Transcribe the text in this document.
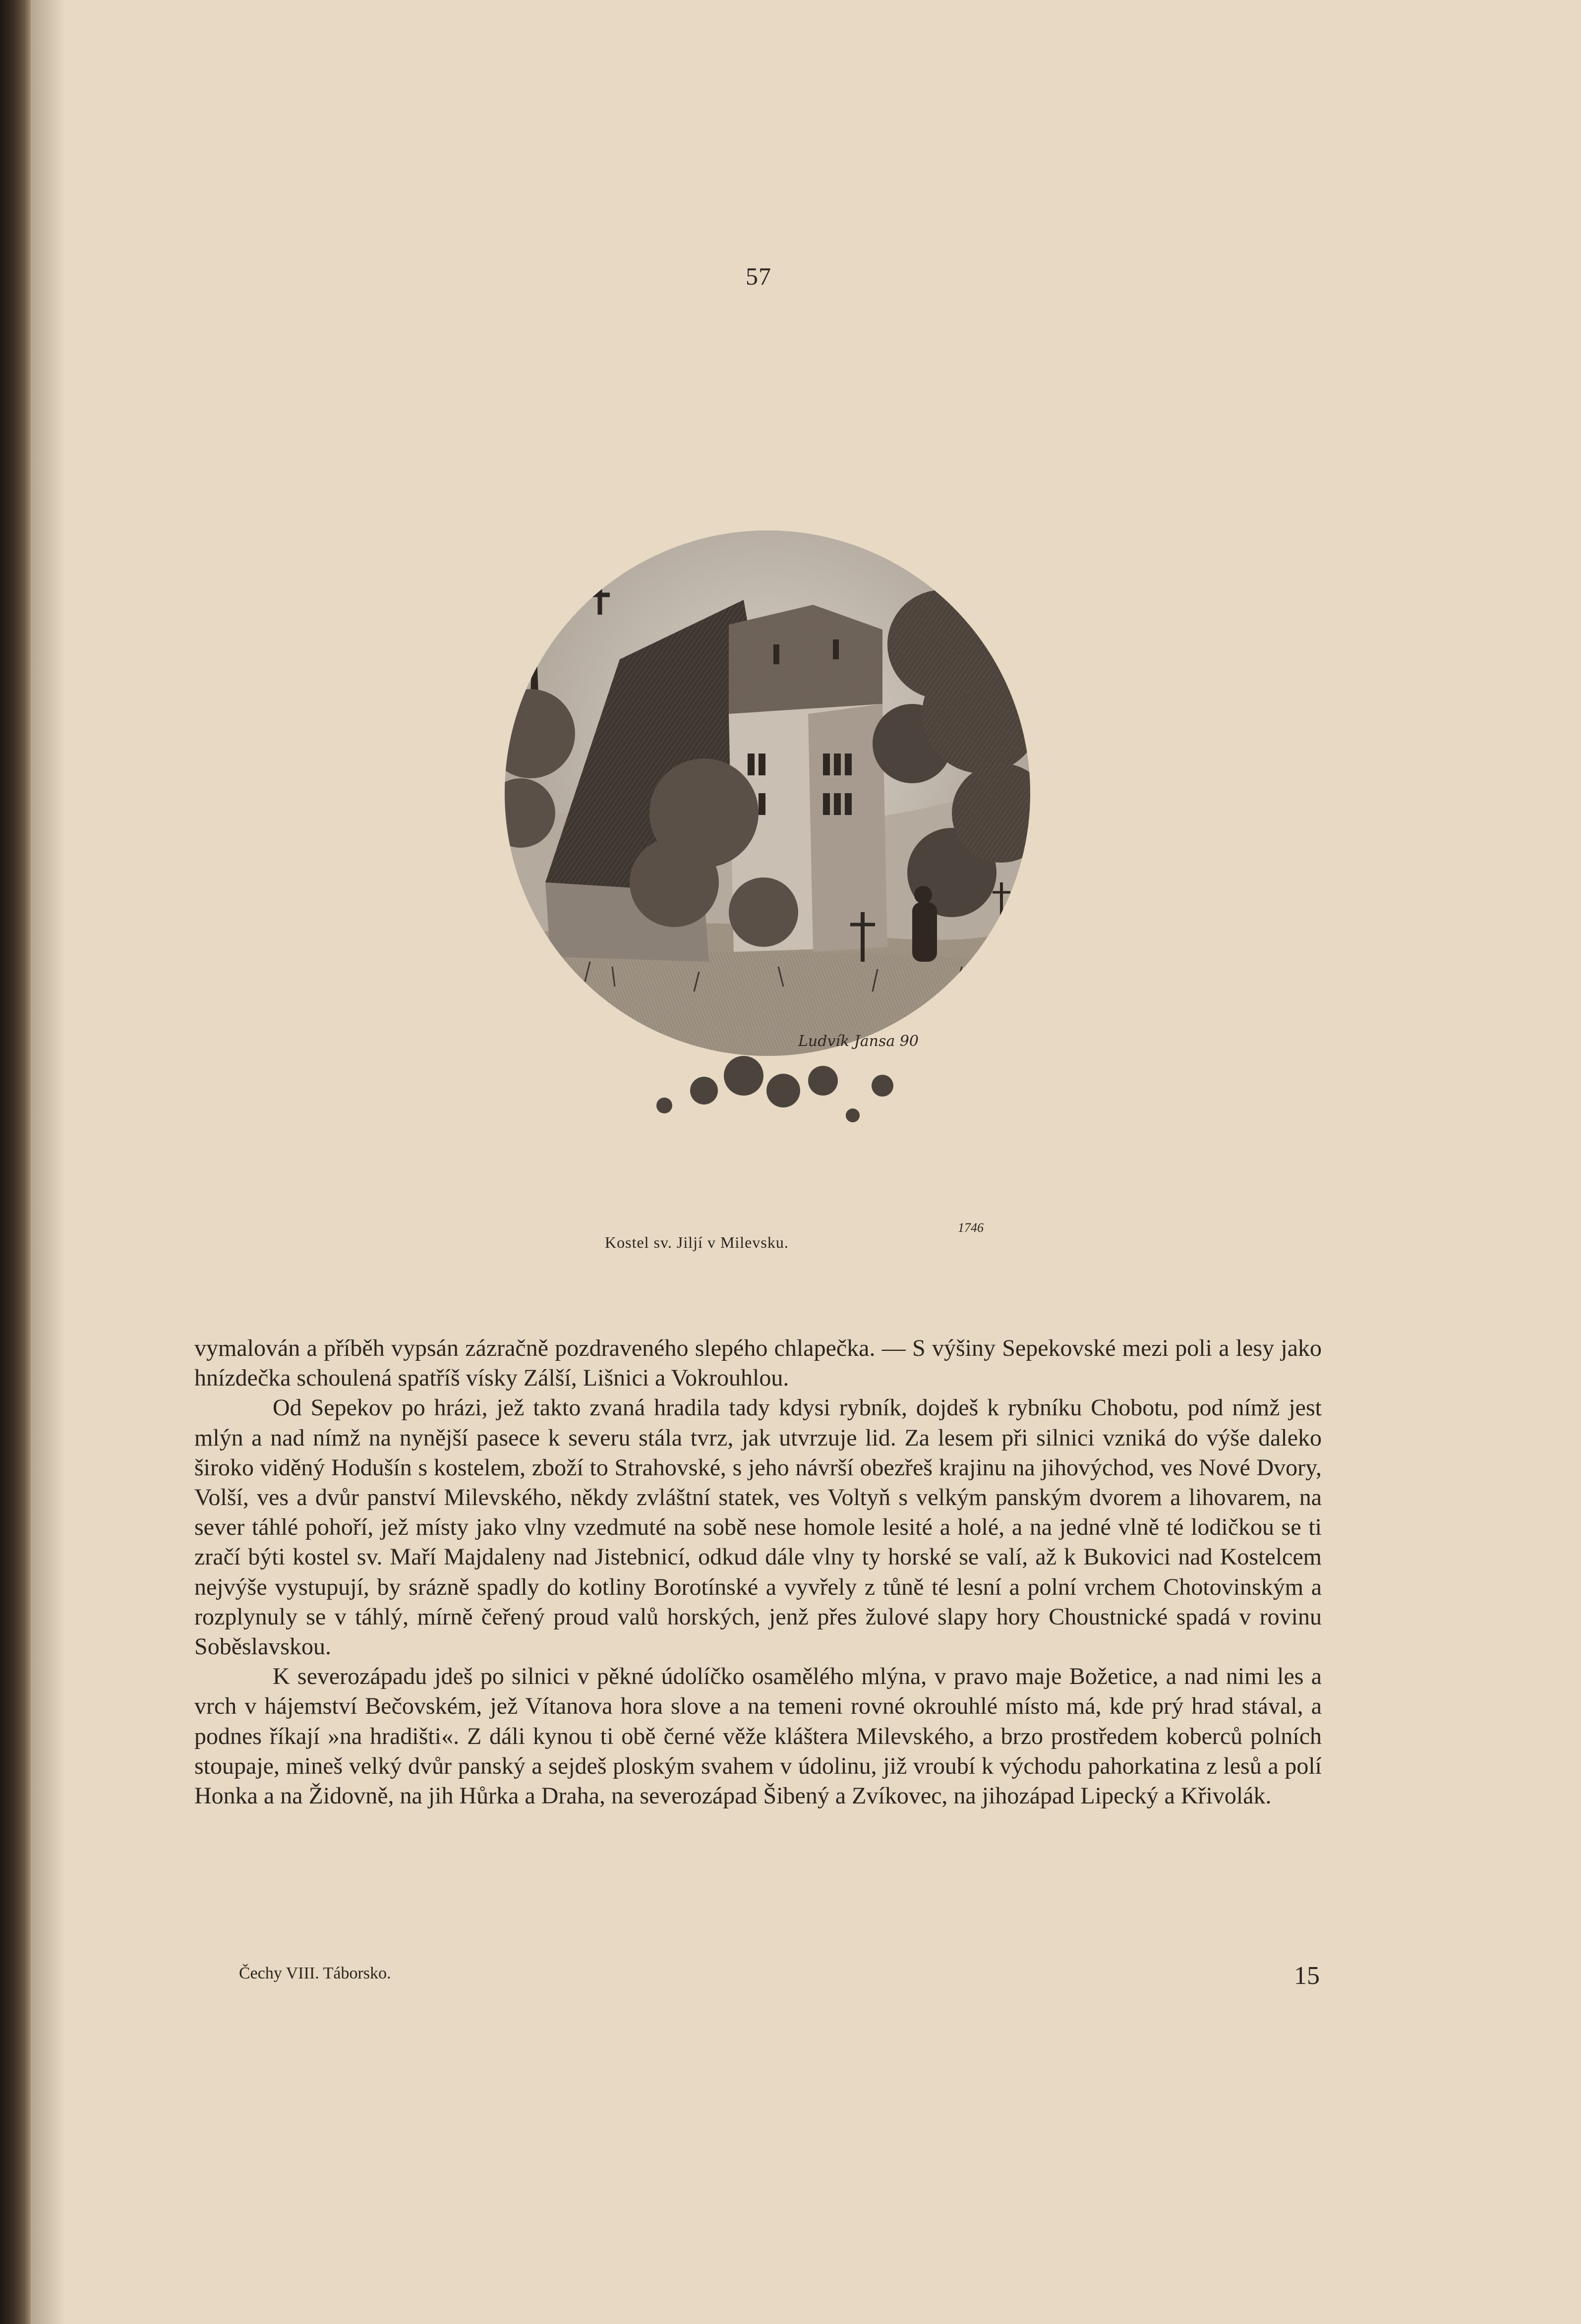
57
Ludvík Jansa 90
Kostel sv. Jiljí v Milevsku.
1746

vymalován a příběh vypsán zázračně pozdraveného slepého chlapečka. — S výšiny Sepekovské mezi poli a lesy jako hnízdečka schoulená spatříš vísky Zálší, Lišnici a Vokrouhlou.

Od Sepekov po hrázi, jež takto zvaná hradila tady kdysi rybník, dojdeš k rybníku Chobotu, pod nímž jest mlýn a nad nímž na nynější pasece k severu stála tvrz, jak utvrzuje lid. Za lesem při silnici vzniká do výše daleko široko viděný Hodušín s kostelem, zboží to Strahovské, s jeho návrší obezřeš krajinu na jihovýchod, ves Nové Dvory, Volší, ves a dvůr panství Milevského, někdy zvláštní statek, ves Voltyň s velkým panským dvorem a lihovarem, na sever táhlé pohoří, jež místy jako vlny vzedmuté na sobě nese homole lesité a holé, a na jedné vlně té lodičkou se ti zračí býti kostel sv. Maří Majdaleny nad Jistebnicí, odkud dále vlny ty horské se valí, až k Bukovici nad Kostelcem nejvýše vystupují, by srázně spadly do kotliny Borotínské a vyvřely z tůně té lesní a polní vrchem Chotovinským a rozplynuly se v táhlý, mírně čeřený proud valů horských, jenž přes žulové slapy hory Choustnické spadá v rovinu Soběslavskou.

K severozápadu jdeš po silnici v pěkné údolíčko osamělého mlýna, v pravo maje Božetice, a nad nimi les a vrch v hájemství Bečovském, jež Vítanova hora slove a na temeni rovné okrouhlé místo má, kde prý hrad stával, a podnes říkají »na hradišti«. Z dáli kynou ti obě černé věže kláštera Milevského, a brzo prostředem koberců polních stoupaje, mineš velký dvůr panský a sejdeš ploským svahem v údolinu, již vroubí k východu pahorkatina z lesů a polí Honka a na Židovně, na jih Hůrka a Draha, na severozápad Šibený a Zvíkovec, na jihozápad Lipecký a Křivolák.

Čechy VIII. Táborsko.	15
